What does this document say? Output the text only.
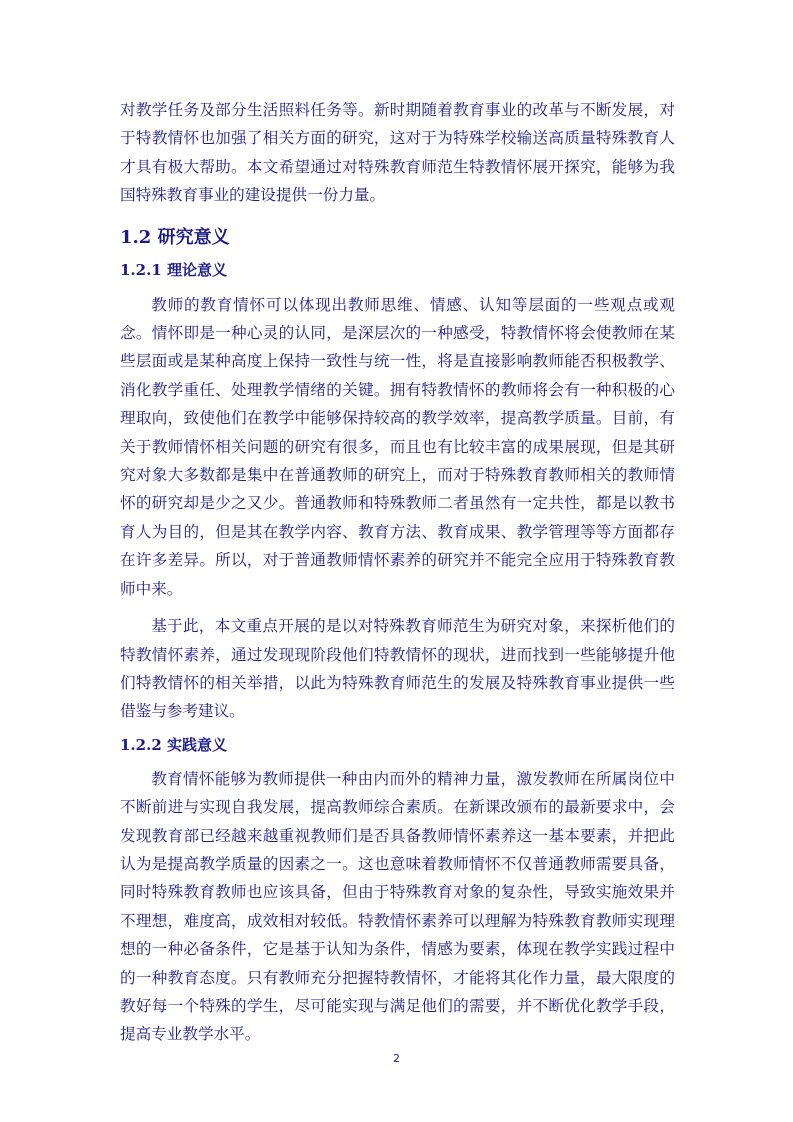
对教学任务及部分生活照料任务等。新时期随着教育事业的改革与不断发展，对于特教情怀也加强了相关方面的研究，这对于为特殊学校输送高质量特殊教育人才具有极大帮助。本文希望通过对特殊教育师范生特教情怀展开探究，能够为我国特殊教育事业的建设提供一份力量。

1.2 研究意义
1.2.1 理论意义

教师的教育情怀可以体现出教师思维、情感、认知等层面的一些观点或观念。情怀即是一种心灵的认同，是深层次的一种感受，特教情怀将会使教师在某些层面或是某种高度上保持一致性与统一性，将是直接影响教师能否积极教学、消化教学重任、处理教学情绪的关键。拥有特教情怀的教师将会有一种积极的心理取向，致使他们在教学中能够保持较高的教学效率，提高教学质量。目前，有关于教师情怀相关问题的研究有很多，而且也有比较丰富的成果展现，但是其研究对象大多数都是集中在普通教师的研究上，而对于特殊教育教师相关的教师情怀的研究却是少之又少。普通教师和特殊教师二者虽然有一定共性，都是以教书育人为目的，但是其在教学内容、教育方法、教育成果、教学管理等等方面都存在许多差异。所以，对于普通教师情怀素养的研究并不能完全应用于特殊教育教师中来。

基于此，本文重点开展的是以对特殊教育师范生为研究对象，来探析他们的特教情怀素养，通过发现现阶段他们特教情怀的现状，进而找到一些能够提升他们特教情怀的相关举措，以此为特殊教育师范生的发展及特殊教育事业提供一些借鉴与参考建议。

1.2.2 实践意义

教育情怀能够为教师提供一种由内而外的精神力量，激发教师在所属岗位中不断前进与实现自我发展，提高教师综合素质。在新课改颁布的最新要求中，会发现教育部已经越来越重视教师们是否具备教师情怀素养这一基本要素，并把此认为是提高教学质量的因素之一。这也意味着教师情怀不仅普通教师需要具备，同时特殊教育教师也应该具备，但由于特殊教育对象的复杂性，导致实施效果并不理想，难度高，成效相对较低。特教情怀素养可以理解为特殊教育教师实现理想的一种必备条件，它是基于认知为条件，情感为要素，体现在教学实践过程中的一种教育态度。只有教师充分把握特教情怀，才能将其化作力量，最大限度的教好每一个特殊的学生，尽可能实现与满足他们的需要，并不断优化教学手段，提高专业教学水平。

2
